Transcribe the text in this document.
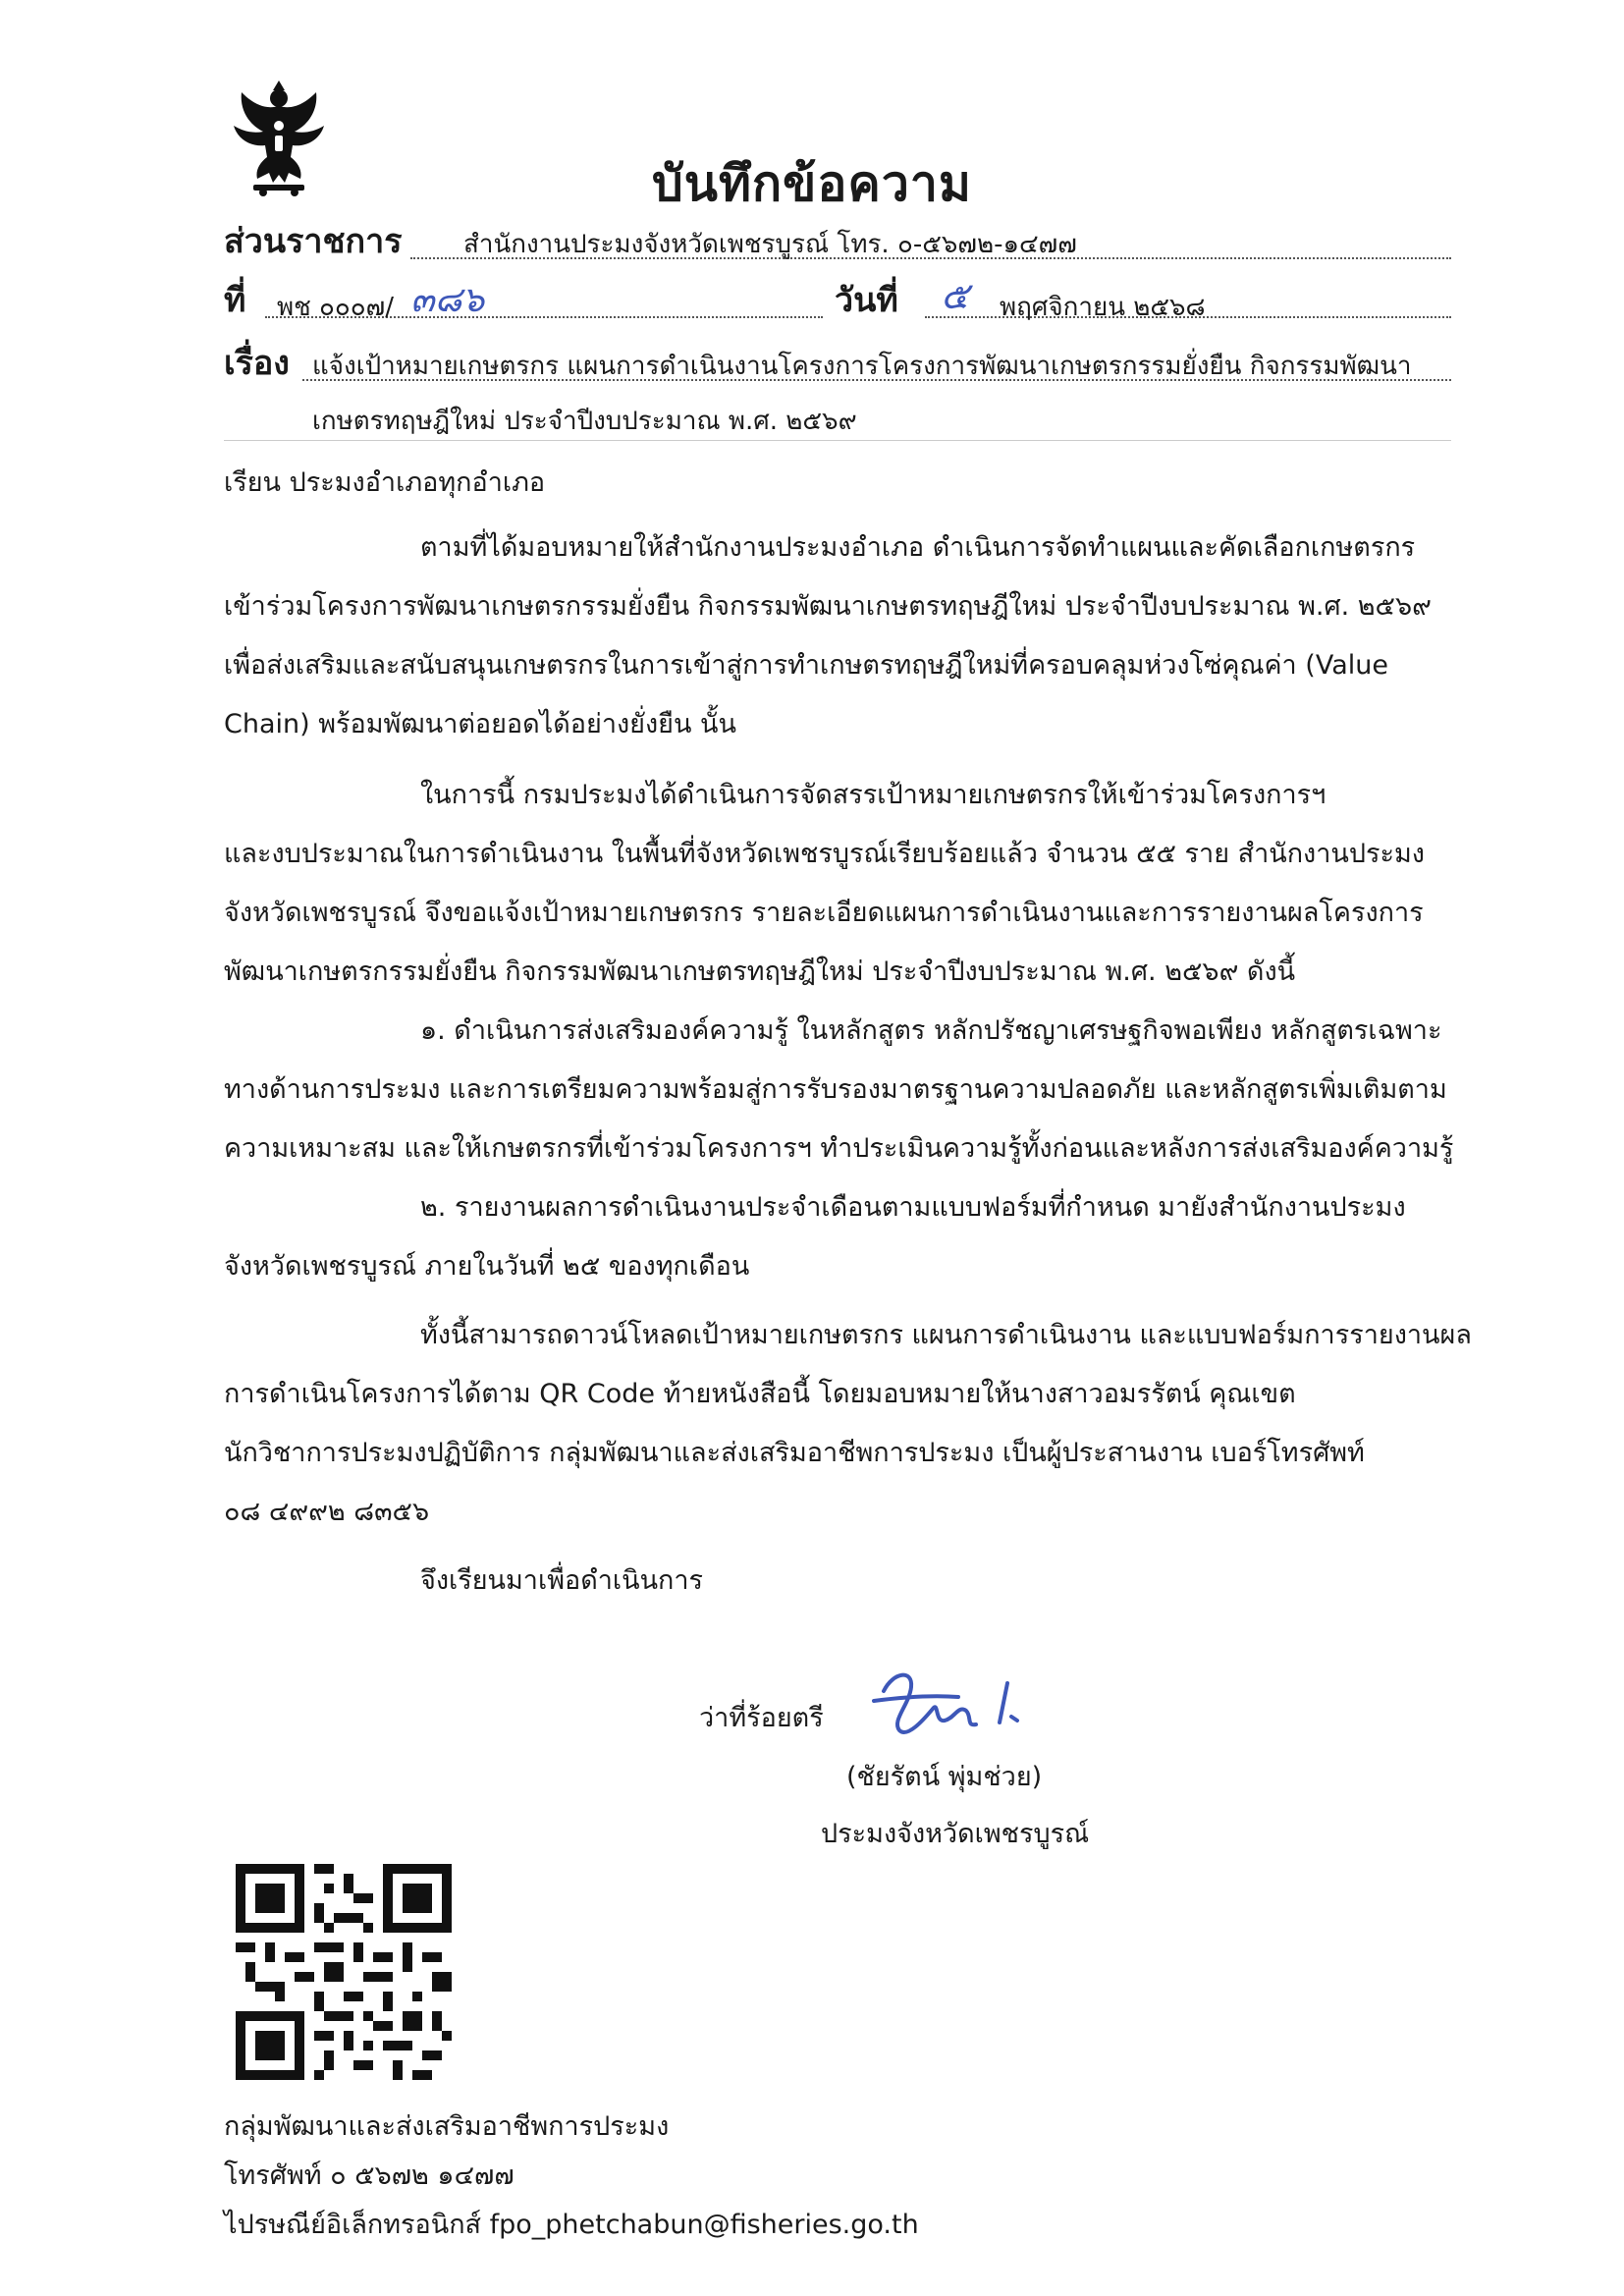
บันทึกข้อความ
ส่วนราชการ สำนักงานประมงจังหวัดเพชรบูรณ์ โทร. ๐-๕๖๗๒-๑๔๗๗
ที่ พช ๐๐๐๗/ ๓๘๖	วันที่ ๕ พฤศจิกายน ๒๕๖๘
เรื่อง แจ้งเป้าหมายเกษตรกร แผนการดำเนินงานโครงการโครงการพัฒนาเกษตรกรรมยั่งยืน กิจกรรมพัฒนา
เกษตรทฤษฎีใหม่ ประจำปีงบประมาณ พ.ศ. ๒๕๖๙
เรียน ประมงอำเภอทุกอำเภอ
ตามที่ได้มอบหมายให้สำนักงานประมงอำเภอ ดำเนินการจัดทำแผนและคัดเลือกเกษตรกร
เข้าร่วมโครงการพัฒนาเกษตรกรรมยั่งยืน กิจกรรมพัฒนาเกษตรทฤษฎีใหม่ ประจำปีงบประมาณ พ.ศ. ๒๕๖๙
เพื่อส่งเสริมและสนับสนุนเกษตรกรในการเข้าสู่การทำเกษตรทฤษฎีใหม่ที่ครอบคลุมห่วงโซ่คุณค่า (Value
Chain) พร้อมพัฒนาต่อยอดได้อย่างยั่งยืน นั้น
ในการนี้ กรมประมงได้ดำเนินการจัดสรรเป้าหมายเกษตรกรให้เข้าร่วมโครงการฯ
และงบประมาณในการดำเนินงาน ในพื้นที่จังหวัดเพชรบูรณ์เรียบร้อยแล้ว จำนวน ๕๕ ราย สำนักงานประมง
จังหวัดเพชรบูรณ์ จึงขอแจ้งเป้าหมายเกษตรกร รายละเอียดแผนการดำเนินงานและการรายงานผลโครงการ
พัฒนาเกษตรกรรมยั่งยืน กิจกรรมพัฒนาเกษตรทฤษฎีใหม่ ประจำปีงบประมาณ พ.ศ. ๒๕๖๙ ดังนี้
๑. ดำเนินการส่งเสริมองค์ความรู้ ในหลักสูตร หลักปรัชญาเศรษฐกิจพอเพียง หลักสูตรเฉพาะ
ทางด้านการประมง และการเตรียมความพร้อมสู่การรับรองมาตรฐานความปลอดภัย และหลักสูตรเพิ่มเติมตาม
ความเหมาะสม และให้เกษตรกรที่เข้าร่วมโครงการฯ ทำประเมินความรู้ทั้งก่อนและหลังการส่งเสริมองค์ความรู้
๒. รายงานผลการดำเนินงานประจำเดือนตามแบบฟอร์มที่กำหนด มายังสำนักงานประมง
จังหวัดเพชรบูรณ์ ภายในวันที่ ๒๕ ของทุกเดือน
ทั้งนี้สามารถดาวน์โหลดเป้าหมายเกษตรกร แผนการดำเนินงาน และแบบฟอร์มการรายงานผล
การดำเนินโครงการได้ตาม QR Code ท้ายหนังสือนี้ โดยมอบหมายให้นางสาวอมรรัตน์ คุณเขต
นักวิชาการประมงปฏิบัติการ กลุ่มพัฒนาและส่งเสริมอาชีพการประมง เป็นผู้ประสานงาน เบอร์โทรศัพท์
๐๘ ๔๙๙๒ ๘๓๕๖
จึงเรียนมาเพื่อดำเนินการ
ว่าที่ร้อยตรี
(ชัยรัตน์ พุ่มช่วย)
ประมงจังหวัดเพชรบูรณ์
กลุ่มพัฒนาและส่งเสริมอาชีพการประมง
โทรศัพท์ ๐ ๕๖๗๒ ๑๔๗๗
ไปรษณีย์อิเล็กทรอนิกส์ fpo_phetchabun@fisheries.go.th
